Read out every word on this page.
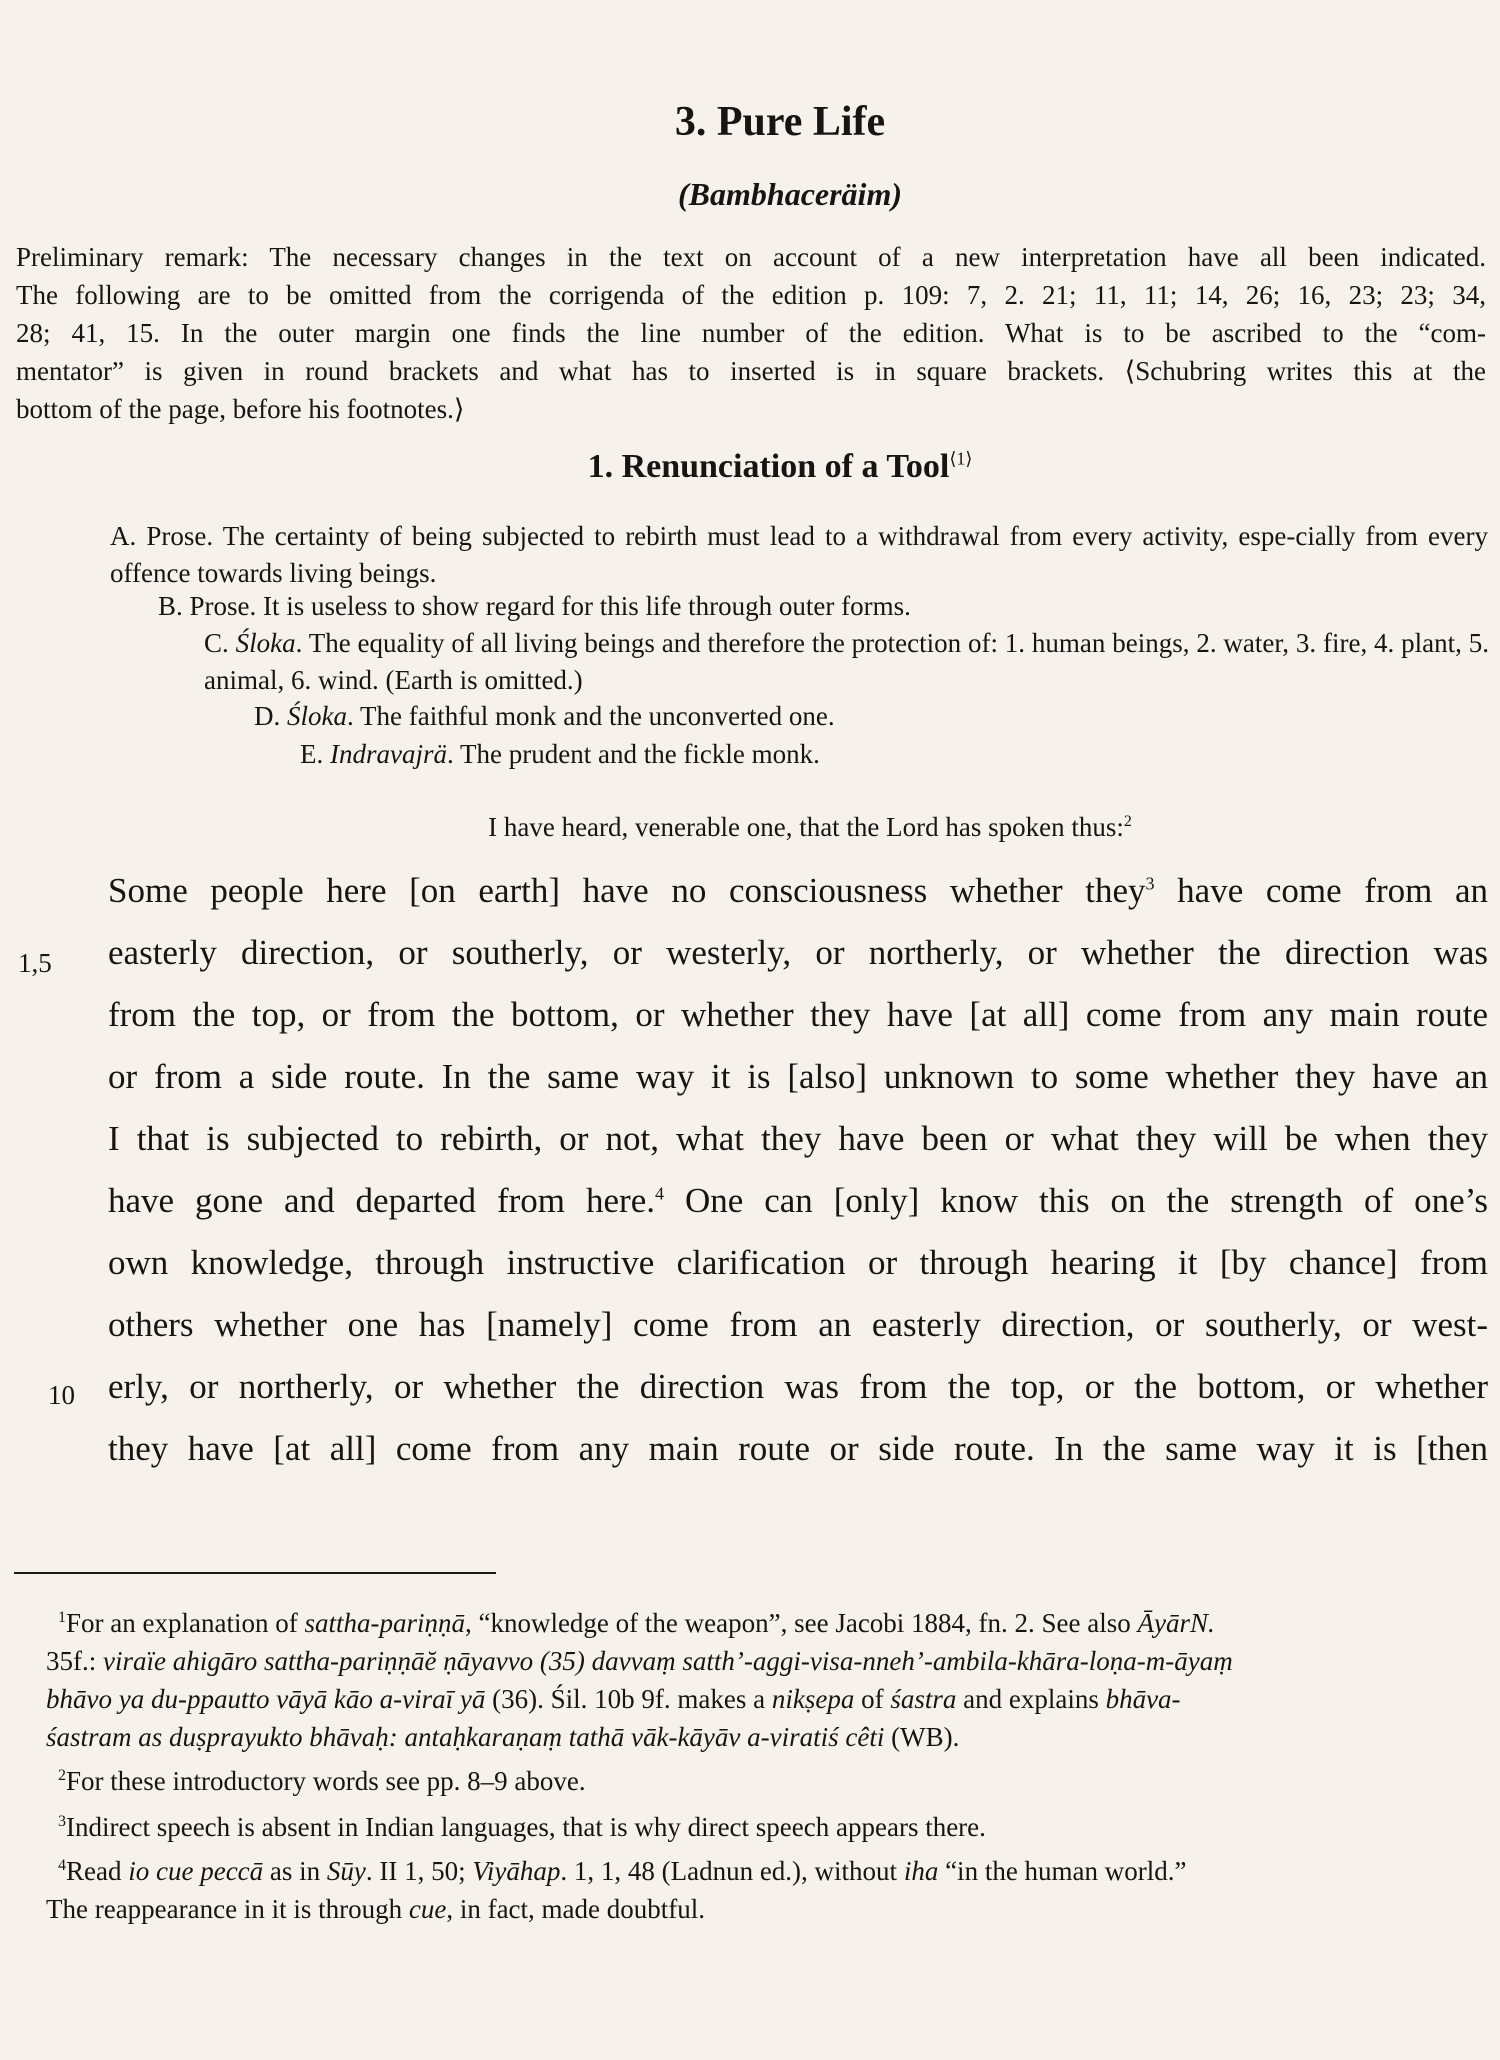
3. Pure Life
(Bambhaceräim)
Preliminary remark: The necessary changes in the text on account of a new interpretation have all been indicated.
The following are to be omitted from the corrigenda of the edition p. 109: 7, 2. 21; 11, 11; 14, 26; 16, 23; 23; 34,
28; 41, 15. In the outer margin one finds the line number of the edition. What is to be ascribed to the “com-
mentator” is given in round brackets and what has to inserted is in square brackets. ⟨Schubring writes this at the
bottom of the page, before his footnotes.⟩
1. Renunciation of a Tool$^{⟨1⟩}$
A. Prose. The certainty of being subjected to rebirth must lead to a withdrawal from every activity, espe-cially from every offence towards living beings.
B. Prose. It is useless to show regard for this life through outer forms.
C. Śloka. The equality of all living beings and therefore the protection of: 1. human beings, 2. water, 3. fire, 4. plant, 5. animal, 6. wind. (Earth is omitted.)
D. Śloka. The faithful monk and the unconverted one.
E. Indravajrä. The prudent and the fickle monk.
I have heard, venerable one, that the Lord has spoken thus:$^2$
1,5
10
Some people here [on earth] have no consciousness whether they$^3$ have come from an
easterly direction, or southerly, or westerly, or northerly, or whether the direction was
from the top, or from the bottom, or whether they have [at all] come from any main route
or from a side route. In the same way it is [also] unknown to some whether they have an
I that is subjected to rebirth, or not, what they have been or what they will be when they
have gone and departed from here.$^4$ One can [only] know this on the strength of one’s
own knowledge, through instructive clarification or through hearing it [by chance] from
others whether one has [namely] come from an easterly direction, or southerly, or west-
erly, or northerly, or whether the direction was from the top, or the bottom, or whether
they have [at all] come from any main route or side route. In the same way it is [then
$^1$For an explanation of sattha-pariṇṇā, “knowledge of the weapon”, see Jacobi 1884, fn. 2. See also ĀyārN.
35f.: viraïe ahigāro sattha-pariṇṇāĕ ṇāyavvo (35) davvaṃ satth’-aggi-visa-nneh’-ambila-khāra-loṇa-m-āyaṃ
bhāvo ya du-ppautto vāyā kāo a-viraī yā (36). Śil. 10b 9f. makes a nikṣepa of śastra and explains bhāva-
śastram as duṣprayukto bhāvaḥ: antaḥkaraṇaṃ tathā vāk-kāyāv a-viratiś cêti (WB).
$^2$For these introductory words see pp. 8–9 above.
$^3$Indirect speech is absent in Indian languages, that is why direct speech appears there.
$^4$Read io cue peccā as in Sūy. II 1, 50; Viyāhap. 1, 1, 48 (Ladnun ed.), without iha “in the human world.”
The reappearance in it is through cue, in fact, made doubtful.
